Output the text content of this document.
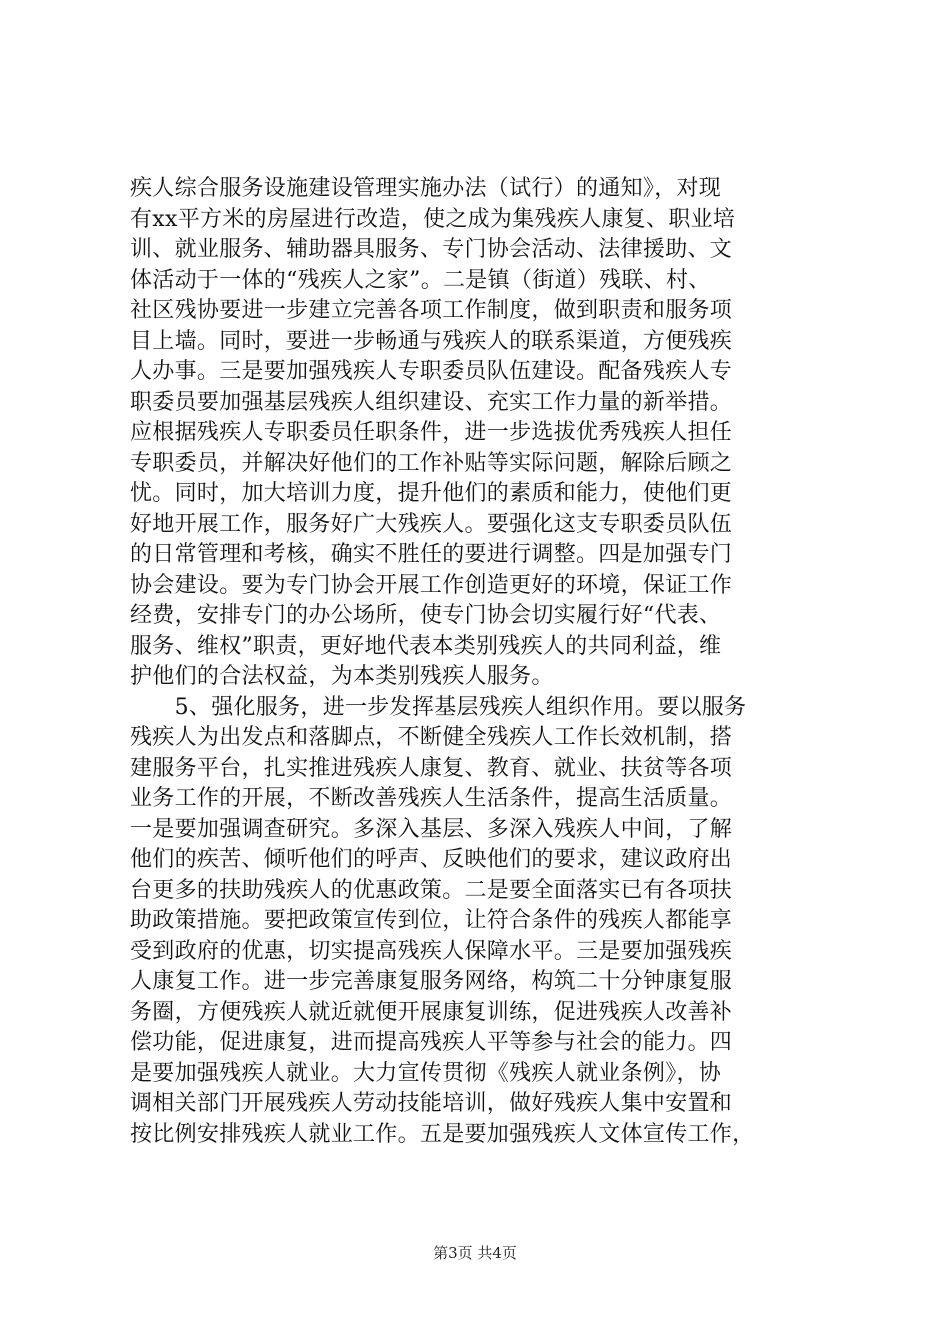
疾人综合服务设施建设管理实施办法（试行）的通知》，对现
有xx平方米的房屋进行改造，使之成为集残疾人康复、职业培
训、就业服务、辅助器具服务、专门协会活动、法律援助、文
体活动于一体的“残疾人之家”。二是镇（街道）残联、村、
社区残协要进一步建立完善各项工作制度，做到职责和服务项
目上墙。同时，要进一步畅通与残疾人的联系渠道，方便残疾
人办事。三是要加强残疾人专职委员队伍建设。配备残疾人专
职委员要加强基层残疾人组织建设、充实工作力量的新举措。
应根据残疾人专职委员任职条件，进一步选拔优秀残疾人担任
专职委员，并解决好他们的工作补贴等实际问题，解除后顾之
忧。同时，加大培训力度，提升他们的素质和能力，使他们更
好地开展工作，服务好广大残疾人。要强化这支专职委员队伍
的日常管理和考核，确实不胜任的要进行调整。四是加强专门
协会建设。要为专门协会开展工作创造更好的环境，保证工作
经费，安排专门的办公场所，使专门协会切实履行好“代表、
服务、维权”职责，更好地代表本类别残疾人的共同利益，维
护他们的合法权益，为本类别残疾人服务。
　　5、强化服务，进一步发挥基层残疾人组织作用。要以服务
残疾人为出发点和落脚点，不断健全残疾人工作长效机制，搭
建服务平台，扎实推进残疾人康复、教育、就业、扶贫等各项
业务工作的开展，不断改善残疾人生活条件，提高生活质量。
一是要加强调查研究。多深入基层、多深入残疾人中间，了解
他们的疾苦、倾听他们的呼声、反映他们的要求，建议政府出
台更多的扶助残疾人的优惠政策。二是要全面落实已有各项扶
助政策措施。要把政策宣传到位，让符合条件的残疾人都能享
受到政府的优惠，切实提高残疾人保障水平。三是要加强残疾
人康复工作。进一步完善康复服务网络，构筑二十分钟康复服
务圈，方便残疾人就近就便开展康复训练，促进残疾人改善补
偿功能，促进康复，进而提高残疾人平等参与社会的能力。四
是要加强残疾人就业。大力宣传贯彻《残疾人就业条例》，协
调相关部门开展残疾人劳动技能培训，做好残疾人集中安置和
按比例安排残疾人就业工作。五是要加强残疾人文体宣传工作，
第3页 共4页
